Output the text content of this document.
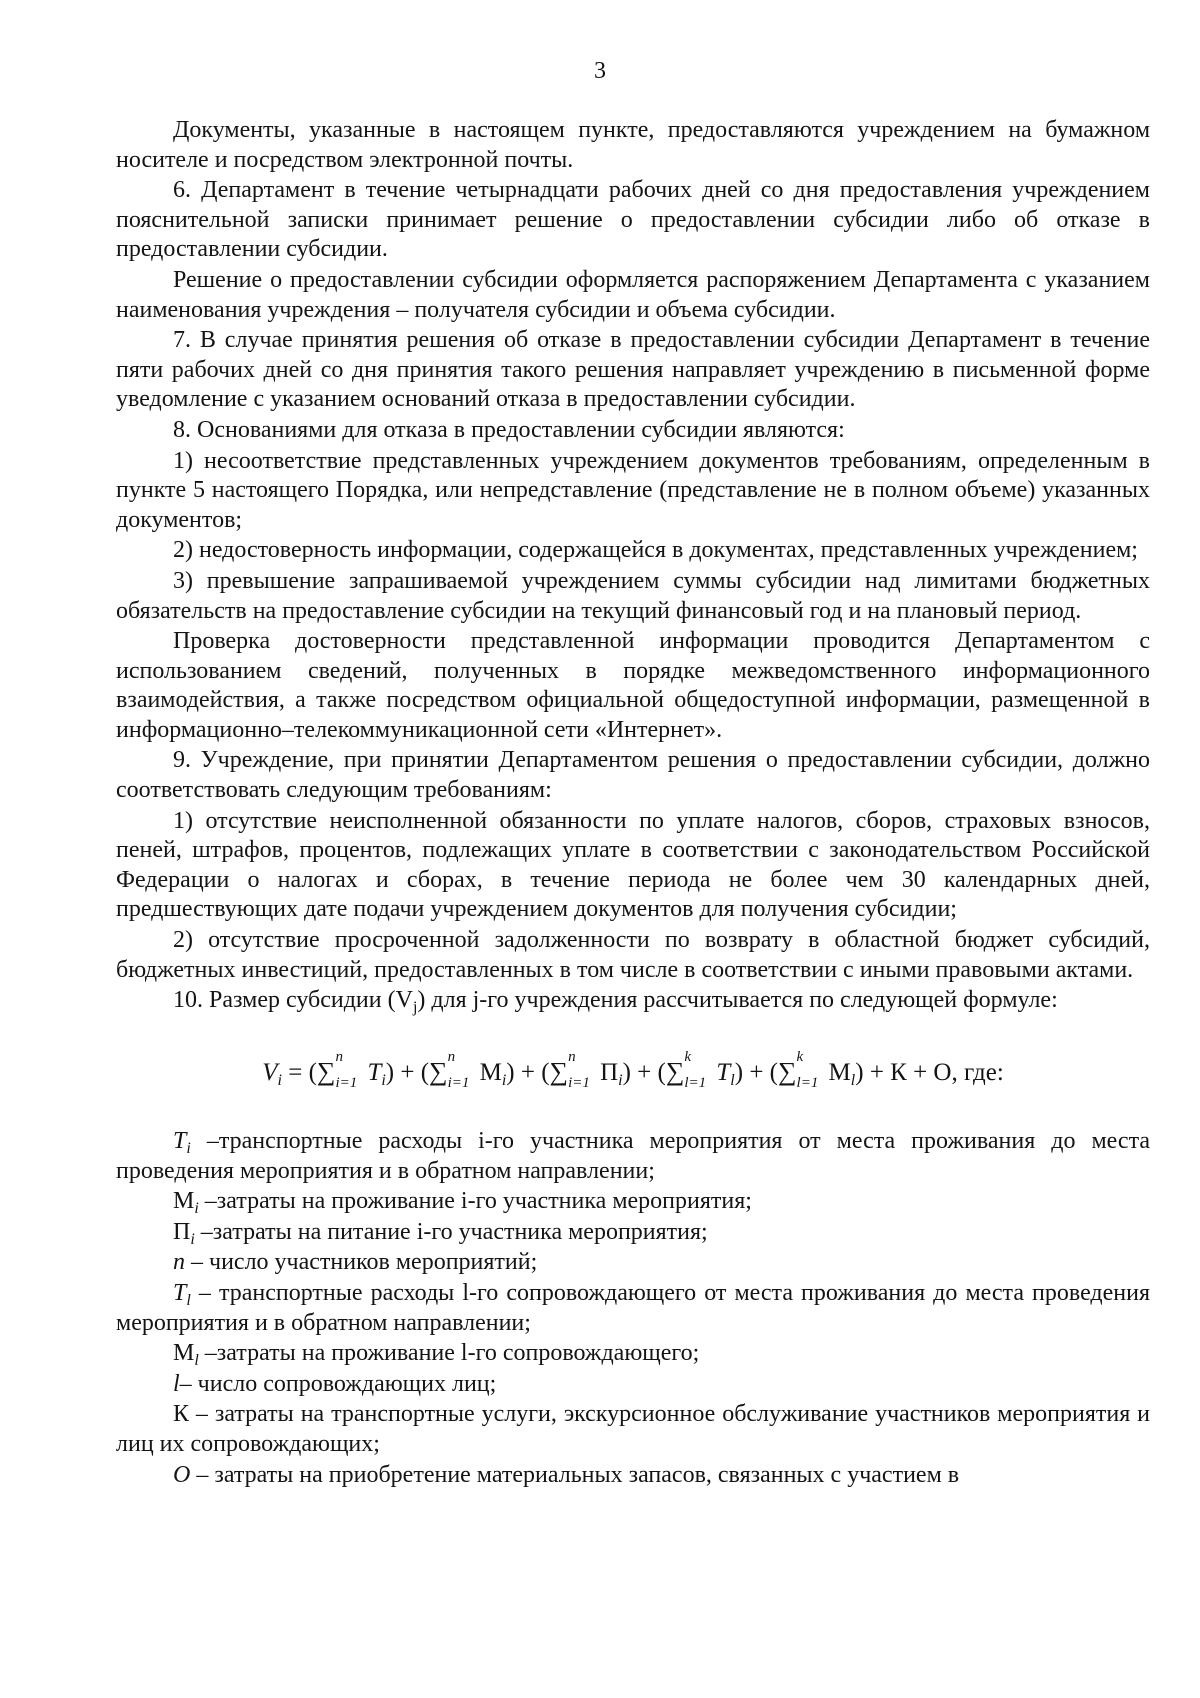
3

Документы, указанные в настоящем пункте, предоставляются учреждением на бумажном носителе и посредством электронной почты.

6. Департамент в течение четырнадцати рабочих дней со дня предоставления учреждением пояснительной записки принимает решение о предоставлении субсидии либо об отказе в предоставлении субсидии.

Решение о предоставлении субсидии оформляется распоряжением Департамента с указанием наименования учреждения – получателя субсидии и объема субсидии.

7. В случае принятия решения об отказе в предоставлении субсидии Департамент в течение пяти рабочих дней со дня принятия такого решения направляет учреждению в письменной форме уведомление с указанием оснований отказа в предоставлении субсидии.

8. Основаниями для отказа в предоставлении субсидии являются:

1) несоответствие представленных учреждением документов требованиям, определенным в пункте 5 настоящего Порядка, или непредставление (представление не в полном объеме) указанных документов;

2) недостоверность информации, содержащейся в документах, представленных учреждением;

3) превышение запрашиваемой учреждением суммы субсидии над лимитами бюджетных обязательств на предоставление субсидии на текущий финансовый год и на плановый период.

Проверка достоверности представленной информации проводится Департаментом с использованием сведений, полученных в порядке межведомственного информационного взаимодействия, а также посредством официальной общедоступной информации, размещенной в информационно–телекоммуникационной сети «Интернет».

9. Учреждение, при принятии Департаментом решения о предоставлении субсидии, должно соответствовать следующим требованиям:

1) отсутствие неисполненной обязанности по уплате налогов, сборов, страховых взносов, пеней, штрафов, процентов, подлежащих уплате в соответствии с законодательством Российской Федерации о налогах и сборах, в течение периода не более чем 30 календарных дней, предшествующих дате подачи учреждением документов для получения субсидии;

2) отсутствие просроченной задолженности по возврату в областной бюджет субсидий, бюджетных инвестиций, предоставленных в том числе в соответствии с иными правовыми актами.

10. Размер субсидии $(V_j)$ для j-го учреждения рассчитывается по следующей формуле:

$V_i$ = (∑ n
i=1 $T_i$) + (∑ n
i=1 $М_i$) + (∑ n
i=1 $П_i$) + (∑ k
l=1 $T_l$) + (∑ k
l=1 $М_l) + К + О$, где:

$T_i$ –транспортные расходы i-го участника мероприятия от места проживания до места проведения мероприятия и в обратном направлении;

$М_i$ –затраты на проживание i-го участника мероприятия;

$П_i$ –затраты на питание i-го участника мероприятия;

n – число участников мероприятий;

$T_l$ – транспортные расходы l-го сопровождающего от места проживания до места проведения мероприятия и в обратном направлении;

$М_l$ –затраты на проживание l-го сопровождающего;

l– число сопровождающих лиц;

К – затраты на транспортные услуги, экскурсионное обслуживание участников мероприятия и лиц их сопровождающих;

О – затраты на приобретение материальных запасов, связанных с участием в
